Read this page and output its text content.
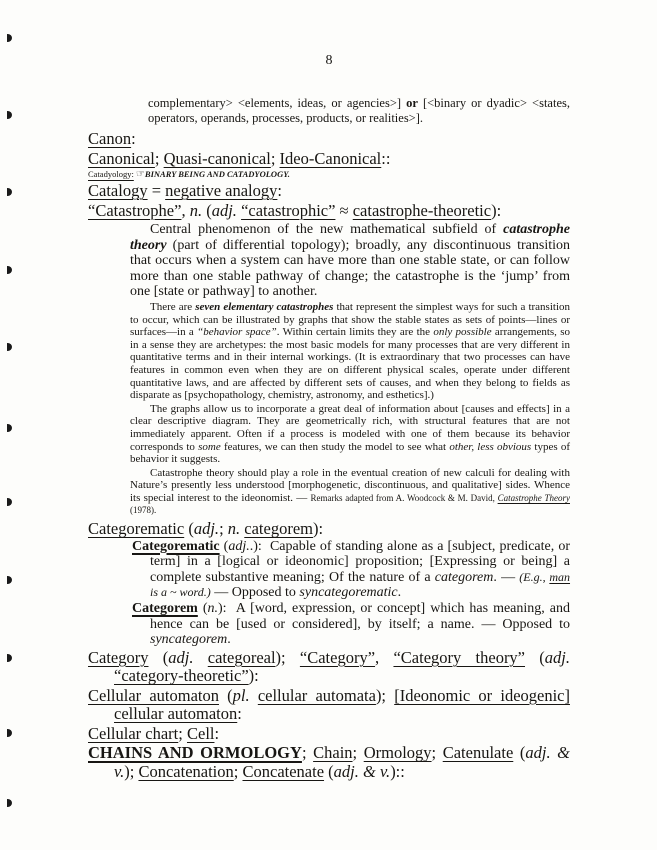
8
complementary> <elements, ideas, or agencies>] or [<binary or dyadic> <states, operators, operands, processes, products, or realities>].
Canon:
Canonical; Quasi-canonical; Ideo-Canonical::
Catadyology: ☞BINARY BEING AND CATADYOLOGY.
Catalogy = negative analogy:
“Catastrophe”, n. (adj. “catastrophic” ≈ catastrophe-theoretic):
Central phenomenon of the new mathematical subfield of catastrophe theory (part of differential topology); broadly, any discontinuous transition that occurs when a system can have more than one stable state, or can follow more than one stable pathway of change; the catastrophe is the ‘jump’ from one [state or pathway] to another.
There are seven elementary catastrophes that represent the simplest ways for such a transition to occur, which can be illustrated by graphs that show the stable states as sets of points—lines or surfaces—in a “behavior space”. Within certain limits they are the only possible arrangements, so in a sense they are archetypes: the most basic models for many processes that are very different in quantitative terms and in their internal workings. (It is extraordinary that two processes can have features in common even when they are on different physical scales, operate under different quantitative laws, and are affected by different sets of causes, and when they belong to fields as disparate as [psychopathology, chemistry, astronomy, and esthetics].)
The graphs allow us to incorporate a great deal of information about [causes and effects] in a clear descriptive diagram. They are geometrically rich, with structural features that are not immediately apparent. Often if a process is modeled with one of them because its behavior corresponds to some features, we can then study the model to see what other, less obvious types of behavior it suggests.
Catastrophe theory should play a role in the eventual creation of new calculi for dealing with Nature’s presently less understood [morphogenetic, discontinuous, and qualitative] sides. Whence its special interest to the ideonomist. — Remarks adapted from A. Woodcock & M. David, Catastrophe Theory (1978).
Categorematic (adj.; n. categorem):
Categorematic (adj..):  Capable of standing alone as a [subject, predicate, or term] in a [logical or ideonomic] proposition; [Expressing or being] a complete substantive meaning; Of the nature of a categorem. — (E.g., man is a ~ word.) — Opposed to syncategorematic.
Categorem (n.):  A [word, expression, or concept] which has meaning, and hence can be [used or considered], by itself; a name. — Opposed to syncategorem.
Category (adj. categoreal); “Category”, “Category theory” (adj. “category-theoretic”):
Cellular automaton (pl. cellular automata); [Ideonomic or ideogenic] cellular automaton:
Cellular chart; Cell:
CHAINS AND ORMOLOGY; Chain; Ormology; Catenulate (adj. & v.); Concatenation; Concatenate (adj. & v.)::
